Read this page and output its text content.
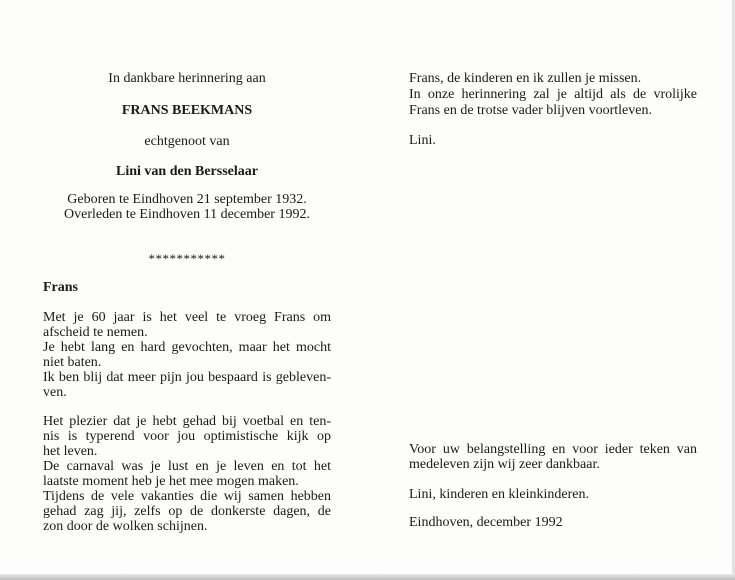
In dankbare herinnering aan
FRANS BEEKMANS
echtgenoot van
Lini van den Bersselaar
Geboren te Eindhoven 21 september 1932.
Overleden te Eindhoven 11 december 1992.
***********
Frans
Met je 60 jaar is het veel te vroeg Frans om
afscheid te nemen.
Je hebt lang en hard gevochten, maar het mocht
niet baten.
Ik ben blij dat meer pijn jou bespaard is gebleven-
ven.
Het plezier dat je hebt gehad bij voetbal en ten-
nis is typerend voor jou optimistische kijk op
het leven.
De carnaval was je lust en je leven en tot het
laatste moment heb je het mee mogen maken.
Tijdens de vele vakanties die wij samen hebben
gehad zag jij, zelfs op de donkerste dagen, de
zon door de wolken schijnen.
Frans, de kinderen en ik zullen je missen.
In onze herinnering zal je altijd als de vrolijke
Frans en de trotse vader blijven voortleven.
Lini.
Voor uw belangstelling en voor ieder teken van
medeleven zijn wij zeer dankbaar.
Lini, kinderen en kleinkinderen.
Eindhoven, december 1992
